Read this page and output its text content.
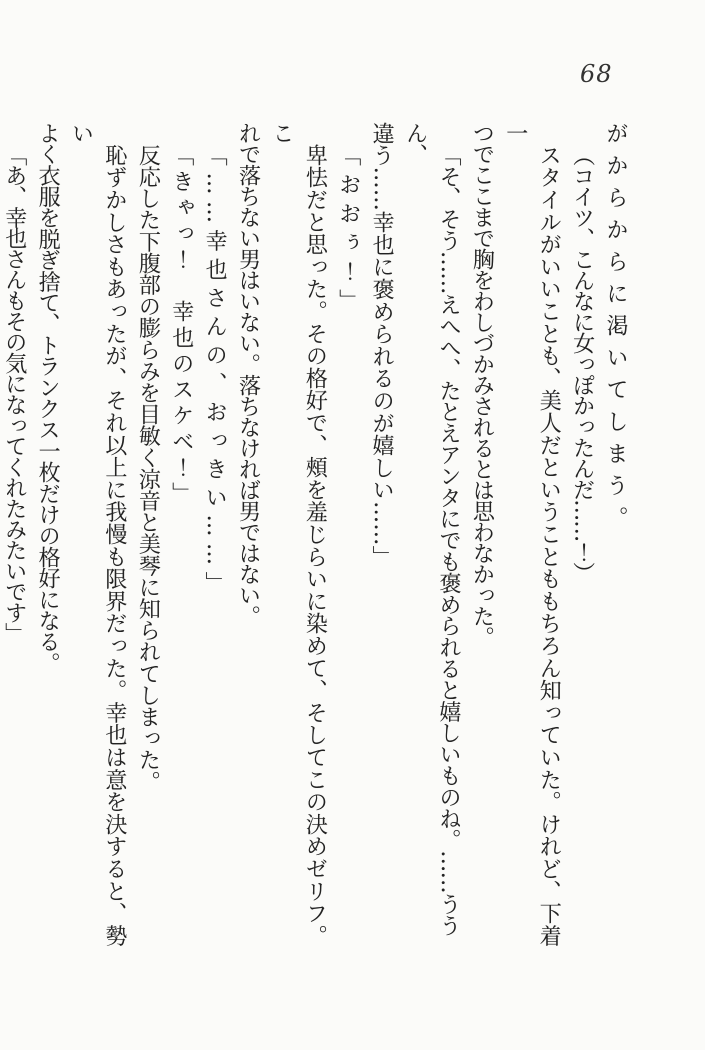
68
がからからに渇いてしまう。
（コイツ、こんなに女っぽかったんだ……！）
スタイルがいいことも、美人だということももちろん知っていた。けれど、下着一
つでここまで胸をわしづかみされるとは思わなかった。
「そ、そう……えへへ、たとえアンタにでも褒められると嬉しいものね。……ううん、
違う……幸也に褒められるのが嬉しい……」
「おおぅ！」
卑怯だと思った。その格好で、頰を羞じらいに染めて、そしてこの決めゼリフ。こ
れで落ちない男はいない。落ちなければ男ではない。
「……幸也さんの、おっきい……」
「きゃっ！　幸也のスケベ！」
反応した下腹部の膨らみを目敏く涼音と美琴に知られてしまった。
恥ずかしさもあったが、それ以上に我慢も限界だった。幸也は意を決すると、勢い
よく衣服を脱ぎ捨て、トランクス一枚だけの格好になる。
「あ、幸也さんもその気になってくれたみたいです」
